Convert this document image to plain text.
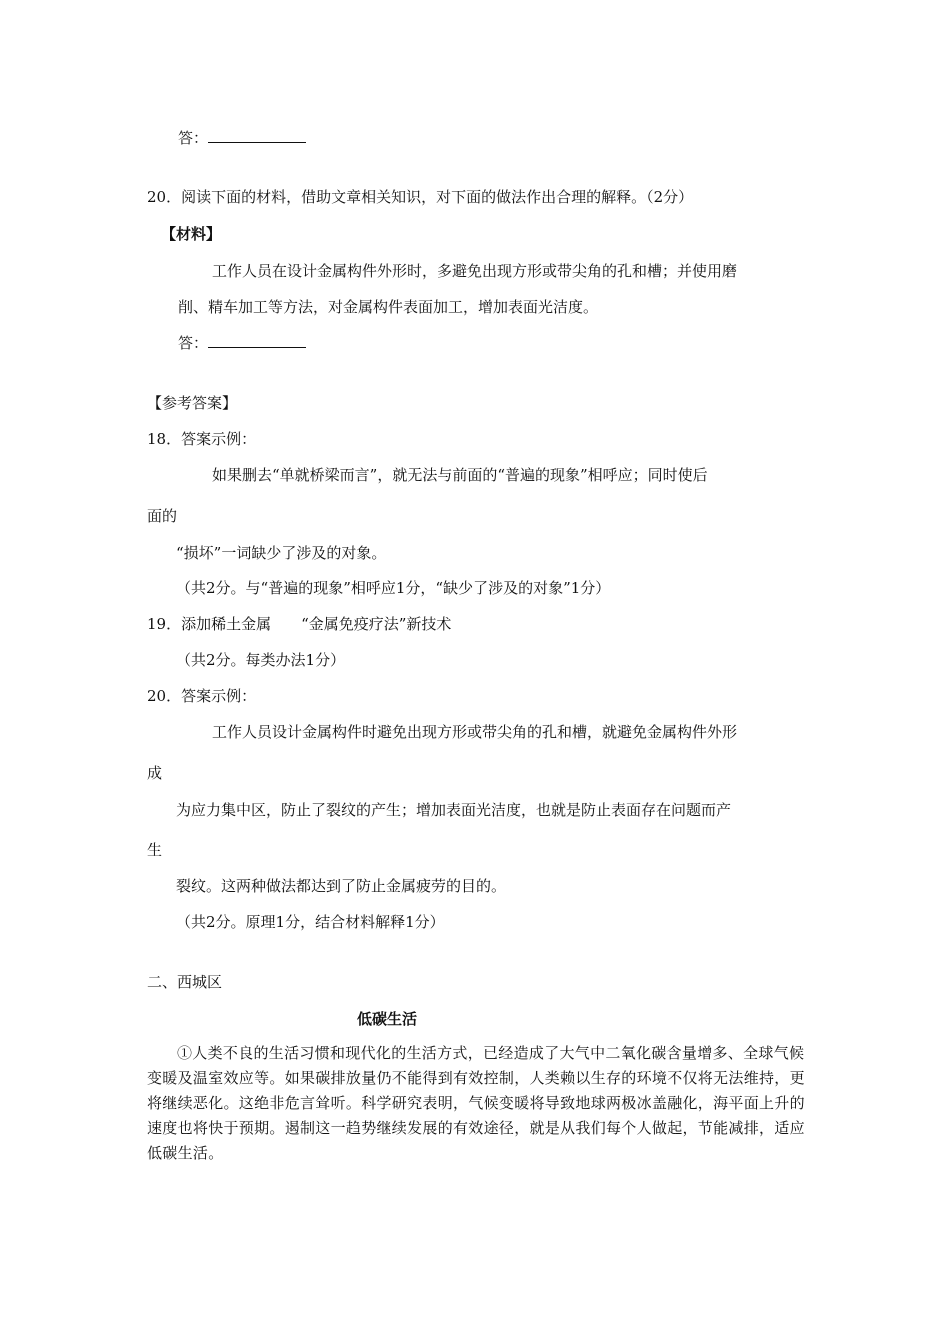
答：
20．阅读下面的材料，借助文章相关知识，对下面的做法作出合理的解释。（2分）
【材料】
工作人员在设计金属构件外形时，多避免出现方形或带尖角的孔和槽；并使用磨
削、精车加工等方法，对金属构件表面加工，增加表面光洁度。
答：
【参考答案】
18．答案示例：
如果删去“单就桥梁而言”，就无法与前面的“普遍的现象”相呼应；同时使后
面的
“损坏”一词缺少了涉及的对象。
（共2分。与“普遍的现象”相呼应1分，“缺少了涉及的对象”1分）
19．添加稀土金属　　“金属免疫疗法”新技术
（共2分。每类办法1分）
20．答案示例：
工作人员设计金属构件时避免出现方形或带尖角的孔和槽，就避免金属构件外形
成
为应力集中区，防止了裂纹的产生；增加表面光洁度，也就是防止表面存在问题而产
生
裂纹。这两种做法都达到了防止金属疲劳的目的。
（共2分。原理1分，结合材料解释1分）
二、西城区
低碳生活
①人类不良的生活习惯和现代化的生活方式，已经造成了大气中二氧化碳含量增多、全球气候变暖及温室效应等。如果碳排放量仍不能得到有效控制，人类赖以生存的环境不仅将无法维持，更将继续恶化。这绝非危言耸听。科学研究表明，气候变暖将导致地球两极冰盖融化，海平面上升的速度也将快于预期。遏制这一趋势继续发展的有效途径，就是从我们每个人做起，节能减排，适应低碳生活。
